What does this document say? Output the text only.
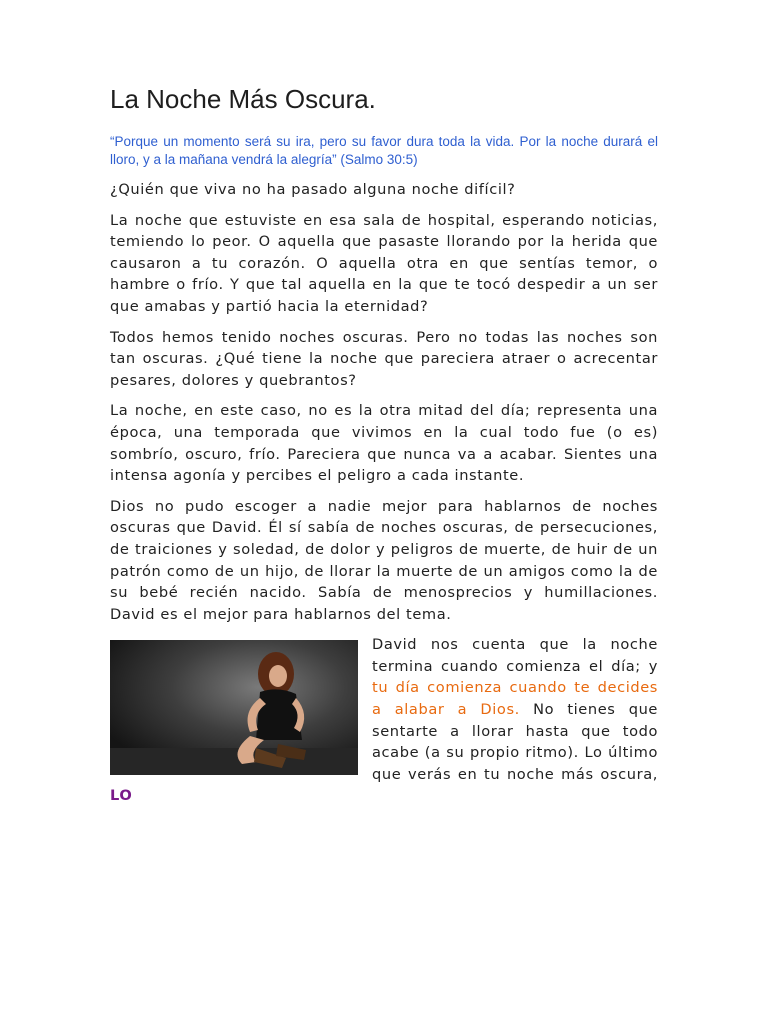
La Noche Más Oscura.

“Porque un momento será su ira, pero su favor dura toda la vida. Por la noche durará el lloro, y a la mañana vendrá la alegría” (Salmo 30:5)

¿Quién que viva no ha pasado alguna noche difícil?

La noche que estuviste en esa sala de hospital, esperando noticias, temiendo lo peor. O aquella que pasaste llorando por la herida que causaron a tu corazón. O aquella otra en que sentías temor, o hambre o frío. Y que tal aquella en la que te tocó despedir a un ser que amabas y partió hacia la eternidad?

Todos hemos tenido noches oscuras. Pero no todas las noches son tan oscuras. ¿Qué tiene la noche que pareciera atraer o acrecentar pesares, dolores y quebrantos?

La noche, en este caso, no es la otra mitad del día; representa una época, una temporada que vivimos en la cual todo fue (o es) sombrío, oscuro, frío. Pareciera que nunca va a acabar. Sientes una intensa agonía y percibes el peligro a cada instante.

Dios no pudo escoger a nadie mejor para hablarnos de noches oscuras que David. Él sí sabía de noches oscuras, de persecuciones, de traiciones y soledad, de dolor y peligros de muerte, de huir de un patrón como de un hijo, de llorar la muerte de un amigos como la de su bebé recién nacido. Sabía de menosprecios y humillaciones. David es el mejor para hablarnos del tema.

David nos cuenta que la noche termina cuando comienza el día; y tu día comienza cuando te decides a alabar a Dios. No tienes que sentarte a llorar hasta que todo acabe (a su propio ritmo). Lo último que verás en tu noche más oscura, LO
